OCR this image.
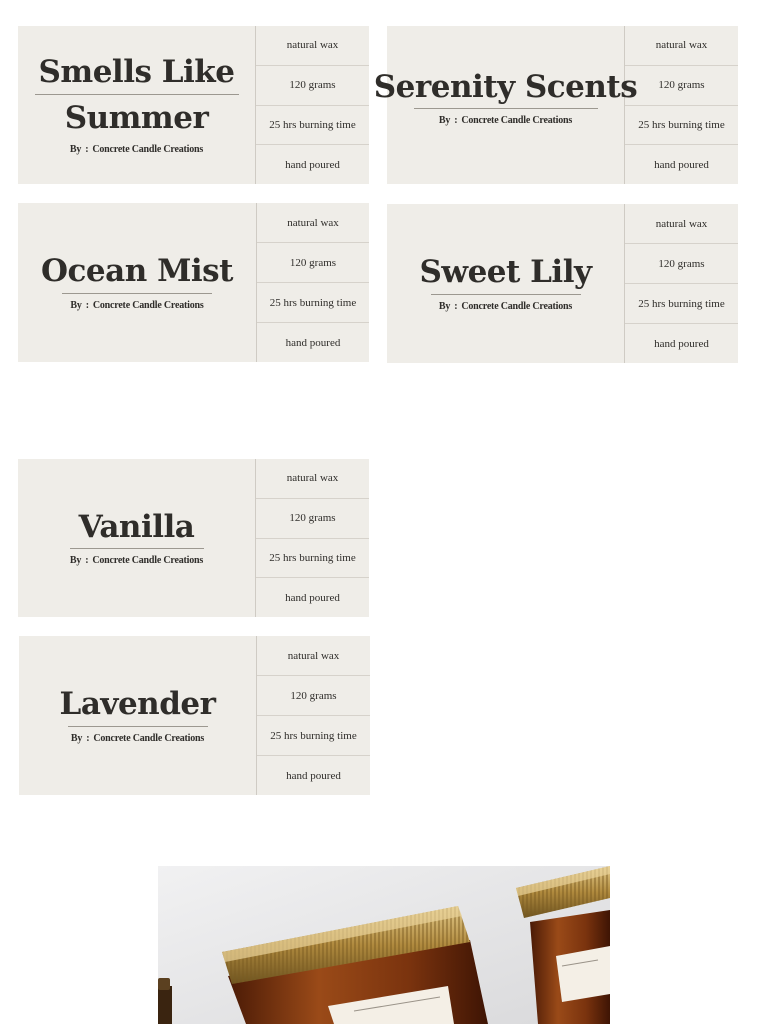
Smells Like
Summer
By : Concrete Candle Creations
natural wax
120 grams
25 hrs burning time
hand poured
Serenity Scents
By : Concrete Candle Creations
natural wax
120 grams
25 hrs burning time
hand poured
Ocean Mist
By : Concrete Candle Creations
natural wax
120 grams
25 hrs burning time
hand poured
Sweet Lily
By : Concrete Candle Creations
natural wax
120 grams
25 hrs burning time
hand poured
Vanilla
By : Concrete Candle Creations
natural wax
120 grams
25 hrs burning time
hand poured
Lavender
By : Concrete Candle Creations
natural wax
120 grams
25 hrs burning time
hand poured
